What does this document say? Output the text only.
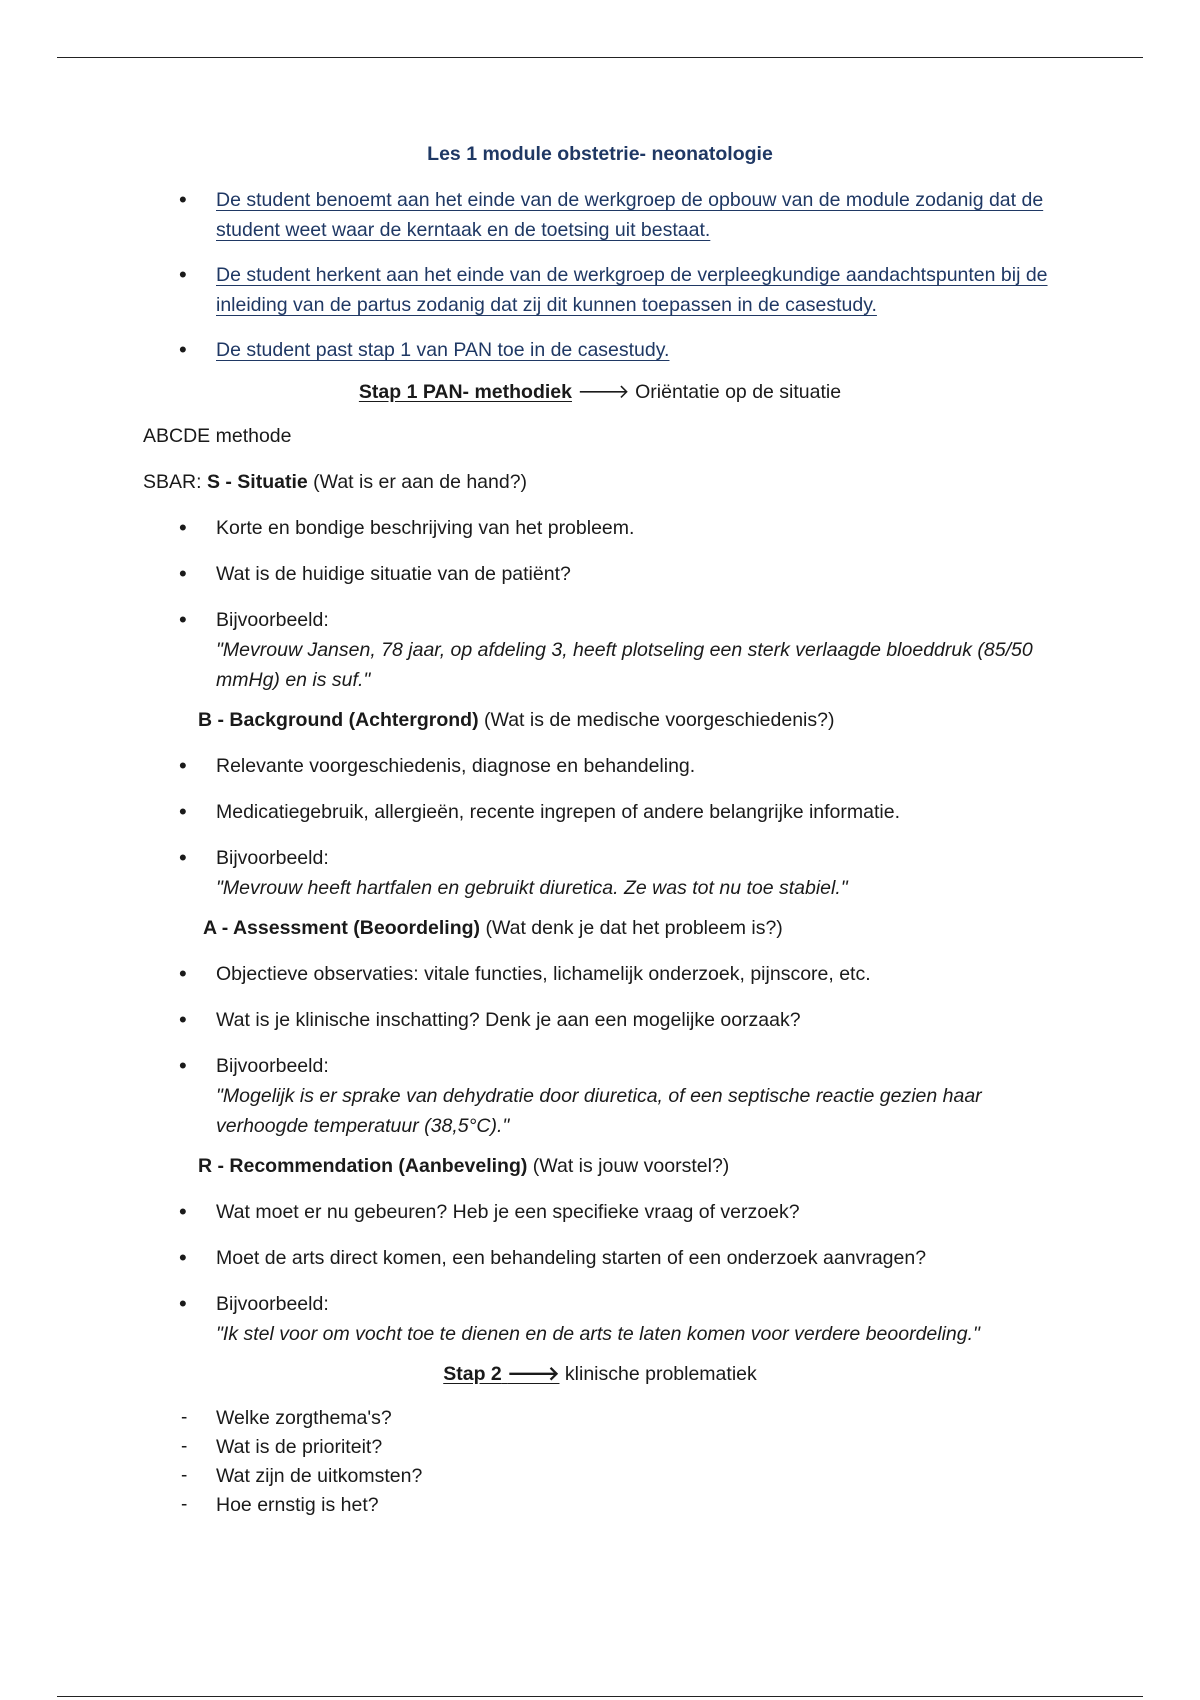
Les 1 module obstetrie- neonatologie
• De student benoemt aan het einde van de werkgroep de opbouw van de module zodanig dat de student weet waar de kerntaak en de toetsing uit bestaat.
• De student herkent aan het einde van de werkgroep de verpleegkundige aandachtspunten bij de inleiding van de partus zodanig dat zij dit kunnen toepassen in de casestudy.
• De student past stap 1 van PAN toe in de casestudy.
Stap 1 PAN- methodiek 🡒 Oriëntatie op de situatie
ABCDE methode
SBAR: S - Situatie (Wat is er aan de hand?)
• Korte en bondige beschrijving van het probleem.
• Wat is de huidige situatie van de patiënt?
• Bijvoorbeeld:
"Mevrouw Jansen, 78 jaar, op afdeling 3, heeft plotseling een sterk verlaagde bloeddruk (85/50 mmHg) en is suf."
B - Background (Achtergrond) (Wat is de medische voorgeschiedenis?)
• Relevante voorgeschiedenis, diagnose en behandeling.
• Medicatiegebruik, allergieën, recente ingrepen of andere belangrijke informatie.
• Bijvoorbeeld:
"Mevrouw heeft hartfalen en gebruikt diuretica. Ze was tot nu toe stabiel."
A - Assessment (Beoordeling) (Wat denk je dat het probleem is?)
• Objectieve observaties: vitale functies, lichamelijk onderzoek, pijnscore, etc.
• Wat is je klinische inschatting? Denk je aan een mogelijke oorzaak?
• Bijvoorbeeld:
"Mogelijk is er sprake van dehydratie door diuretica, of een septische reactie gezien haar verhoogde temperatuur (38,5°C)."
R - Recommendation (Aanbeveling) (Wat is jouw voorstel?)
• Wat moet er nu gebeuren? Heb je een specifieke vraag of verzoek?
• Moet de arts direct komen, een behandeling starten of een onderzoek aanvragen?
• Bijvoorbeeld:
"Ik stel voor om vocht toe te dienen en de arts te laten komen voor verdere beoordeling."
Stap 2 🡒 klinische problematiek
- Welke zorgthema's?
- Wat is de prioriteit?
- Wat zijn de uitkomsten?
- Hoe ernstig is het?
